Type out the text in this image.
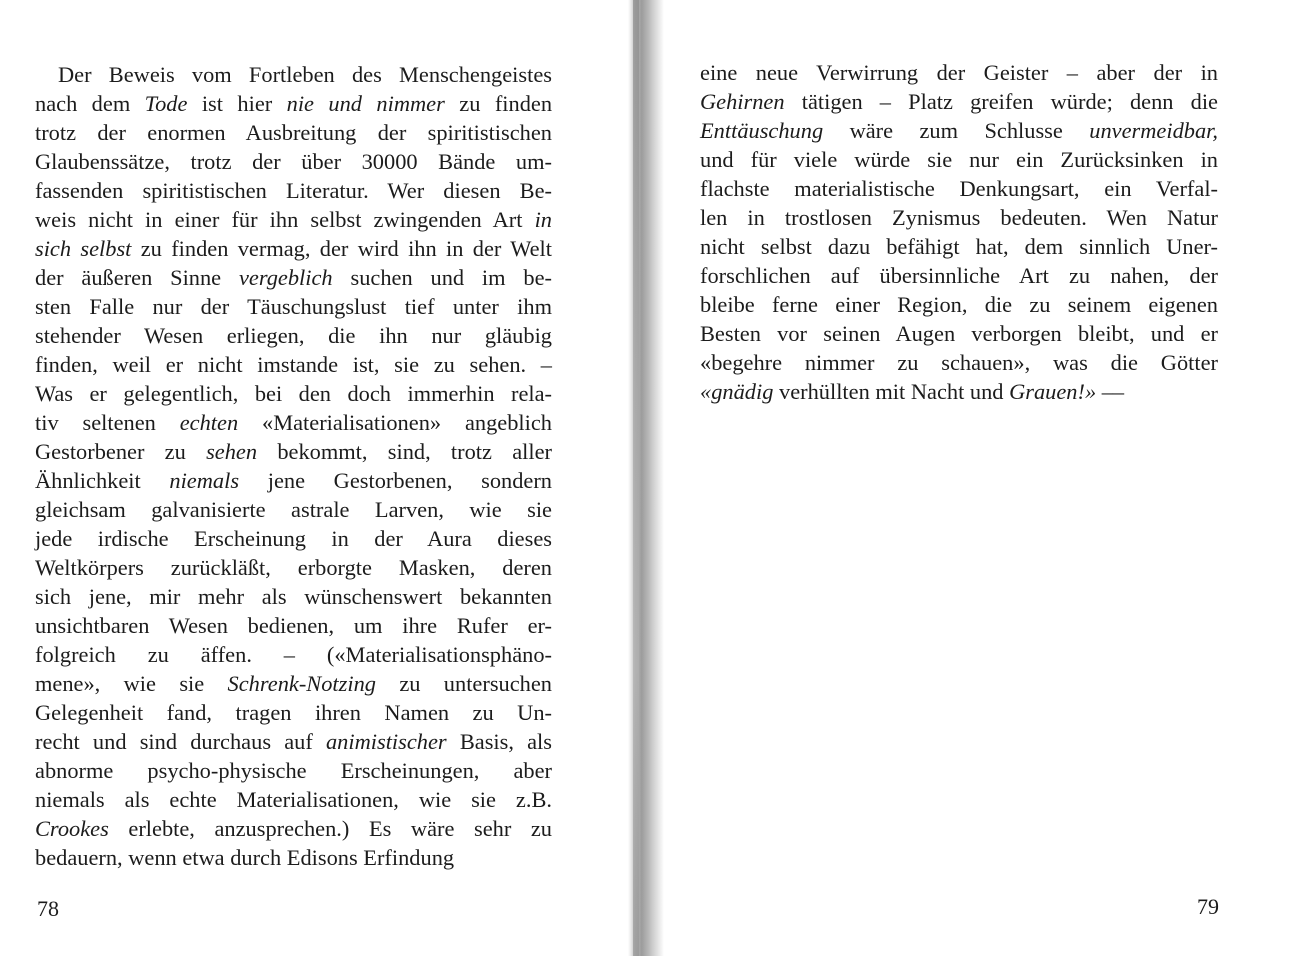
Der Beweis vom Fortleben des Menschengeistes
nach dem Tode ist hier nie und nimmer zu finden
trotz der enormen Ausbreitung der spiritistischen
Glaubenssätze, trotz der über 30000 Bände um-
fassenden spiritistischen Literatur. Wer diesen Be-
weis nicht in einer für ihn selbst zwingenden Art in
sich selbst zu finden vermag, der wird ihn in der Welt
der äußeren Sinne vergeblich suchen und im be-
sten Falle nur der Täuschungslust tief unter ihm
stehender Wesen erliegen, die ihn nur gläubig
finden, weil er nicht imstande ist, sie zu sehen. –
Was er gelegentlich, bei den doch immerhin rela-
tiv seltenen echten «Materialisationen» angeblich
Gestorbener zu sehen bekommt, sind, trotz aller
Ähnlichkeit niemals jene Gestorbenen, sondern
gleichsam galvanisierte astrale Larven, wie sie
jede irdische Erscheinung in der Aura dieses
Weltkörpers zurückläßt, erborgte Masken, deren
sich jene, mir mehr als wünschenswert bekannten
unsichtbaren Wesen bedienen, um ihre Rufer er-
folgreich zu äffen. – («Materialisationsphäno-
mene», wie sie Schrenk-Notzing zu untersuchen
Gelegenheit fand, tragen ihren Namen zu Un-
recht und sind durchaus auf animistischer Basis, als
abnorme psycho-physische Erscheinungen, aber
niemals als echte Materialisationen, wie sie z.B.
Crookes erlebte, anzusprechen.) Es wäre sehr zu
bedauern, wenn etwa durch Edisons Erfindung
78
eine neue Verwirrung der Geister – aber der in
Gehirnen tätigen – Platz greifen würde; denn die
Enttäuschung wäre zum Schlusse unvermeidbar,
und für viele würde sie nur ein Zurücksinken in
flachste materialistische Denkungsart, ein Verfal-
len in trostlosen Zynismus bedeuten. Wen Natur
nicht selbst dazu befähigt hat, dem sinnlich Uner-
forschlichen auf übersinnliche Art zu nahen, der
bleibe ferne einer Region, die zu seinem eigenen
Besten vor seinen Augen verborgen bleibt, und er
«begehre nimmer zu schauen», was die Götter
«gnädig verhüllten mit Nacht und Grauen!» ––
79
